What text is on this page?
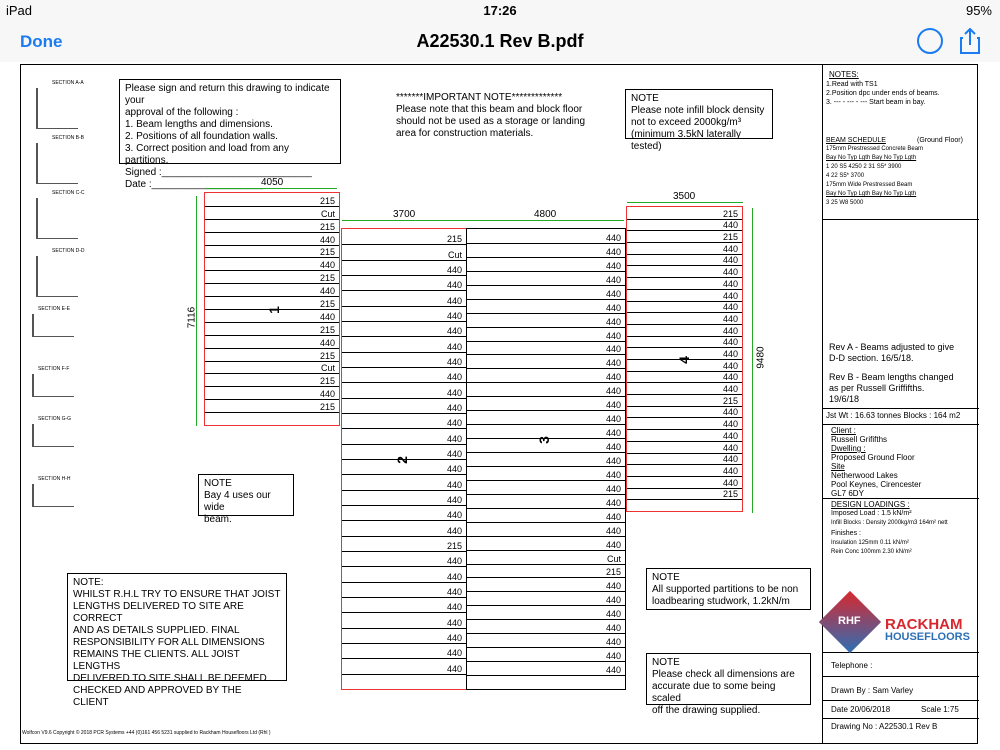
iPad	17:26	95%
Done	A22530.1 Rev B.pdf
SECTION A-A
SECTION B-B
SECTION C-C
SECTION D-D
SECTION E-E
SECTION F-F
SECTION G-G
SECTION H-H
Please sign and return this drawing to indicate your
approval of the following :
1. Beam lengths and dimensions.
2. Positions of all foundation walls.
3. Correct position and load from any partitions.
Signed :___________________________
Date :____________________
*******IMPORTANT NOTE*************
Please note that this beam and block floor
should not be used as a storage or landing
area for construction materials.
NOTE
Please note infill block density
not to exceed 2000kg/m³
(minimum 3.5kN laterally tested)
4050
3700	4800
3500
7116
9480
215
Cut
215
440
215
440
215
440
215
440
215
440
215
Cut
215
440
215
215
Cut
440
440
440
440
440
440
440
440
440
440
440
440
440
440
440
440
440
440
215
440
440
440
440
440
440
440
440
440
440
440
440
440
440
440
440
440
440
440
440
440
440
440
440
440
440
440
440
440
440
440
Cut
215
440
440
440
440
440
440
440
215
440
215
440
440
440
440
440
440
440
440
440
440
440
440
440
215
440
440
440
440
440
440
440
215
1
2
3
4
NOTE
Bay 4 uses our wide
beam.
NOTE:
WHILST R.H.L TRY TO ENSURE THAT JOIST
LENGTHS DELIVERED TO SITE ARE CORRECT
AND AS DETAILS SUPPLIED. FINAL
RESPONSIBILITY FOR ALL DIMENSIONS
REMAINS THE CLIENTS. ALL JOIST LENGTHS
DELIVERED TO SITE SHALL BE DEEMED
CHECKED AND APPROVED BY THE
CLIENT
NOTE
All supported partitions to be non
loadbearing studwork, 1.2kN/m
NOTE
Please check all dimensions are
accurate due to some being scaled
off the drawing supplied.
Wolfcon V9.6 Copyright © 2018 PCR Systems +44 (0)161 456 5231 supplied to Rackham Housefloors Ltd (Rhl )
NOTES:
1.Read with TS1
2.Position dpc under ends of beams.
3. --- - --- - --- Start beam in bay.
BEAM SCHEDULE	(Ground Floor)
175mm Prestressed Concrete Beam
Bay No Typ Lgth Bay No Typ Lgth
1 20 S5 4250 2 31 S5* 3900
4 22 S5* 3700
175mm Wide Prestressed Beam
Bay No Typ Lgth Bay No Typ Lgth
3 25 W8 5000
Rev A - Beams adjusted to give
D-D section. 16/5/18.
Rev B - Beam lengths changed
as per Russell Griffifths.
19/6/18
Jst Wt : 16.63 tonnes Blocks : 164 m2
Client :
Russell Grififths
Dwelling :
Proposed Ground Floor
Site
Netherwood Lakes
Pool Keynes, Cirencester
GL7 6DY
DESIGN LOADINGS :
Imposed Load : 1.5 kN/m²
Infill Blocks : Density 2000kg/m3 164m² nett
Finishes :
Insulation 125mm 0.11 kN/m²
Rein Conc 100mm 2.30 kN/m²
RACKHAM
HOUSEFLOORS
Telephone :
Drawn By : Sam Varley
Date 20/06/2018	Scale 1:75
Drawing No : A22530.1 Rev B
RHF
